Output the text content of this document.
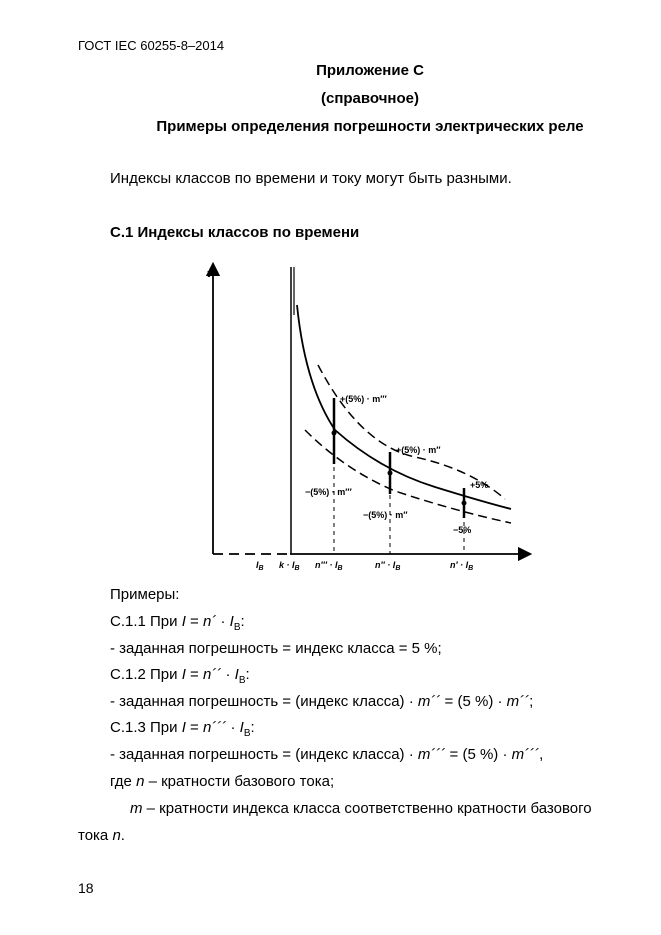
ГОСТ IEC 60255-8–2014
Приложение С
(справочное)
Примеры определения погрешности электрических реле
Индексы классов по времени и току могут быть разными.
С.1 Индексы классов по времени
t
+(5%) · m′′′
−(5%) · m′′′
+(5%) · m′′
−(5%) · m′′
+5%
−5%
$I_B$ $k \cdot I_B$ $n''' \cdot I_B$	$n'' \cdot I_B$	$n' \cdot I_B$
Примеры:
С.1.1 При I = n´ · $I_В$:
- заданная погрешность = индекс класса = 5 %;
С.1.2 При I = n´´ · $I_В$:
- заданная погрешность = (индекс класса) · m´´ = (5 %) · m´´;
С.1.3 При I = n´´´ · $I_В$:
- заданная погрешность = (индекс класса) · m´´´ = (5 %) · m´´´,
где n – кратности базового тока;
m – кратности индекса класса соответственно кратности базового
тока n.
18
